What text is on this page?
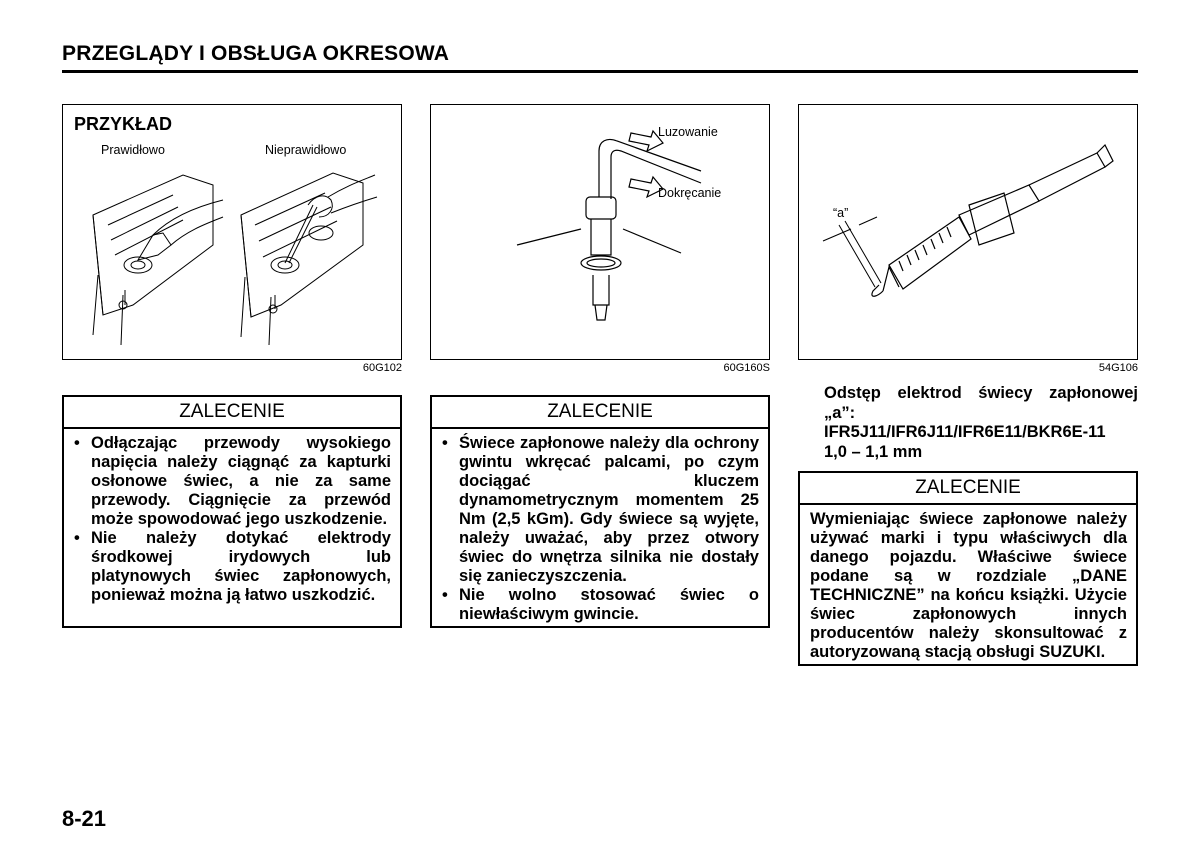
PRZEGLĄDY I OBSŁUGA OKRESOWA
PRZYKŁAD
Prawidłowo	Nieprawidłowo
60G102
Luzowanie
Dokręcanie
60G160S
“a”
54G106
Odstęp elektrod świecy zapłonowej
„a”:
IFR5J11/IFR6J11/IFR6E11/BKR6E-11
1,0 – 1,1 mm
ZALECENIE
• Odłączając przewody wysokiego napięcia należy ciągnąć za kapturki osłonowe świec, a nie za same przewody. Ciągnięcie za przewód może spowodować jego uszkodzenie.
• Nie należy dotykać elektrody środkowej irydowych lub platynowych świec zapłonowych, ponieważ można ją łatwo uszkodzić.
ZALECENIE
• Świece zapłonowe należy dla ochrony gwintu wkręcać palcami, po czym dociągać kluczem dynamometrycznym momentem 25 Nm (2,5 kGm). Gdy świece są wyjęte, należy uważać, aby przez otwory świec do wnętrza silnika nie dostały się zanieczyszczenia.
• Nie wolno stosować świec o niewłaściwym gwincie.
ZALECENIE
Wymieniając świece zapłonowe należy używać marki i typu właściwych dla danego pojazdu. Właściwe świece podane są w rozdziale „DANE TECHNICZNE” na końcu książki. Użycie świec zapłonowych innych producentów należy skonsultować z autoryzowaną stacją obsługi SUZUKI.
8-21
